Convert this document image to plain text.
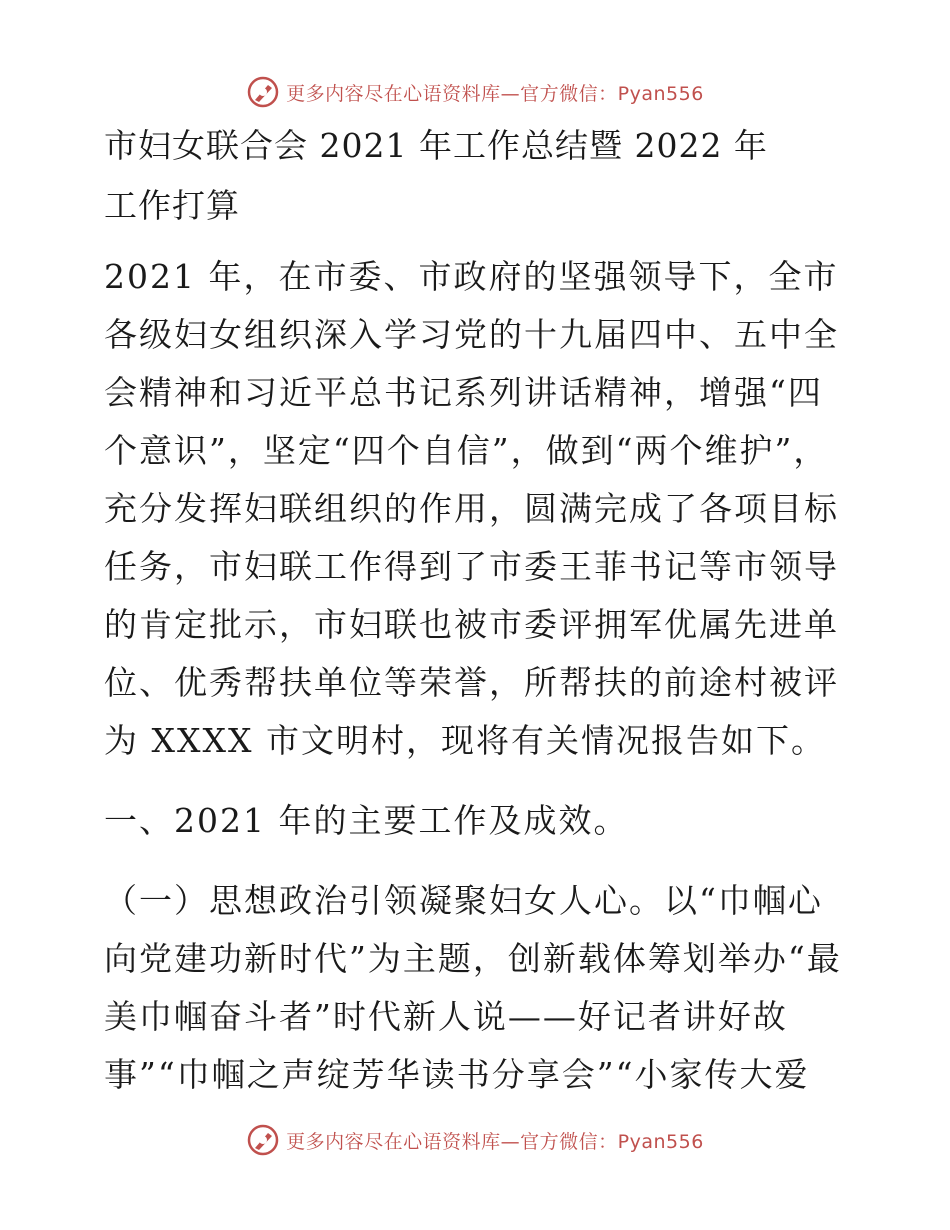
更多内容尽在心语资料库—官方微信：Pyan556

市妇女联合会 2021 年工作总结暨 2022 年

工作打算

2021 年，在市委、市政府的坚强领导下，全市各级妇女组织深入学习党的十九届四中、五中全会精神和习近平总书记系列讲话精神，增强“四个意识”，坚定“四个自信”，做到“两个维护”，充分发挥妇联组织的作用，圆满完成了各项目标任务，市妇联工作得到了市委王菲书记等市领导的肯定批示，市妇联也被市委评拥军优属先进单位、优秀帮扶单位等荣誉，所帮扶的前途村被评为 XXXX 市文明村，现将有关情况报告如下。

一、2021 年的主要工作及成效。

（一）思想政治引领凝聚妇女人心。以“巾帼心向党建功新时代”为主题，创新载体筹划举办“最美巾帼奋斗者”时代新人说——好记者讲好故事”“巾帼之声绽芳华读书分享会”“小家传大爱

更多内容尽在心语资料库—官方微信：Pyan556
